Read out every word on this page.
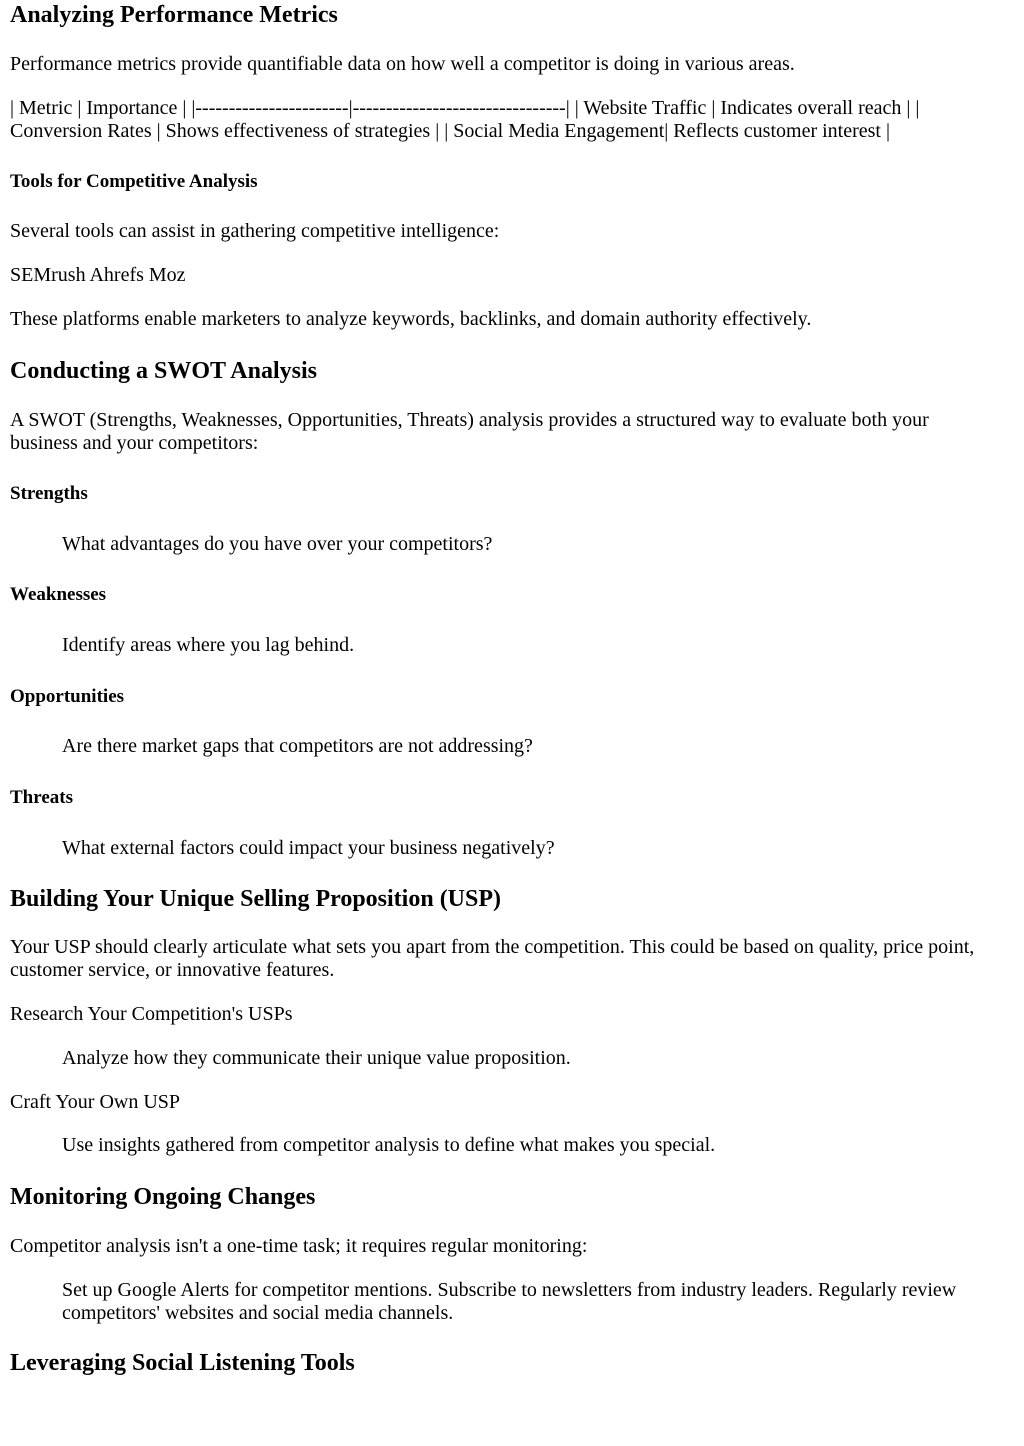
Analyzing Performance Metrics

Performance metrics provide quantifiable data on how well a competitor is doing in various areas.

| Metric | Importance | |-----------------------|--------------------------------| | Website Traffic | Indicates overall reach | |

Conversion Rates | Shows effectiveness of strategies | | Social Media Engagement| Reflects customer interest |

Tools for Competitive Analysis

Several tools can assist in gathering competitive intelligence:

SEMrush Ahrefs Moz

These platforms enable marketers to analyze keywords, backlinks, and domain authority effectively.

Conducting a SWOT Analysis

A SWOT (Strengths, Weaknesses, Opportunities, Threats) analysis provides a structured way to evaluate both your

business and your competitors:

Strengths

What advantages do you have over your competitors?

Weaknesses

Identify areas where you lag behind.

Opportunities

Are there market gaps that competitors are not addressing?

Threats

What external factors could impact your business negatively?

Building Your Unique Selling Proposition (USP)

Your USP should clearly articulate what sets you apart from the competition. This could be based on quality, price point,

customer service, or innovative features.

Research Your Competition's USPs

Analyze how they communicate their unique value proposition.

Craft Your Own USP

Use insights gathered from competitor analysis to define what makes you special.

Monitoring Ongoing Changes

Competitor analysis isn't a one-time task; it requires regular monitoring:

Set up Google Alerts for competitor mentions. Subscribe to newsletters from industry leaders. Regularly review

competitors' websites and social media channels.

Leveraging Social Listening Tools
